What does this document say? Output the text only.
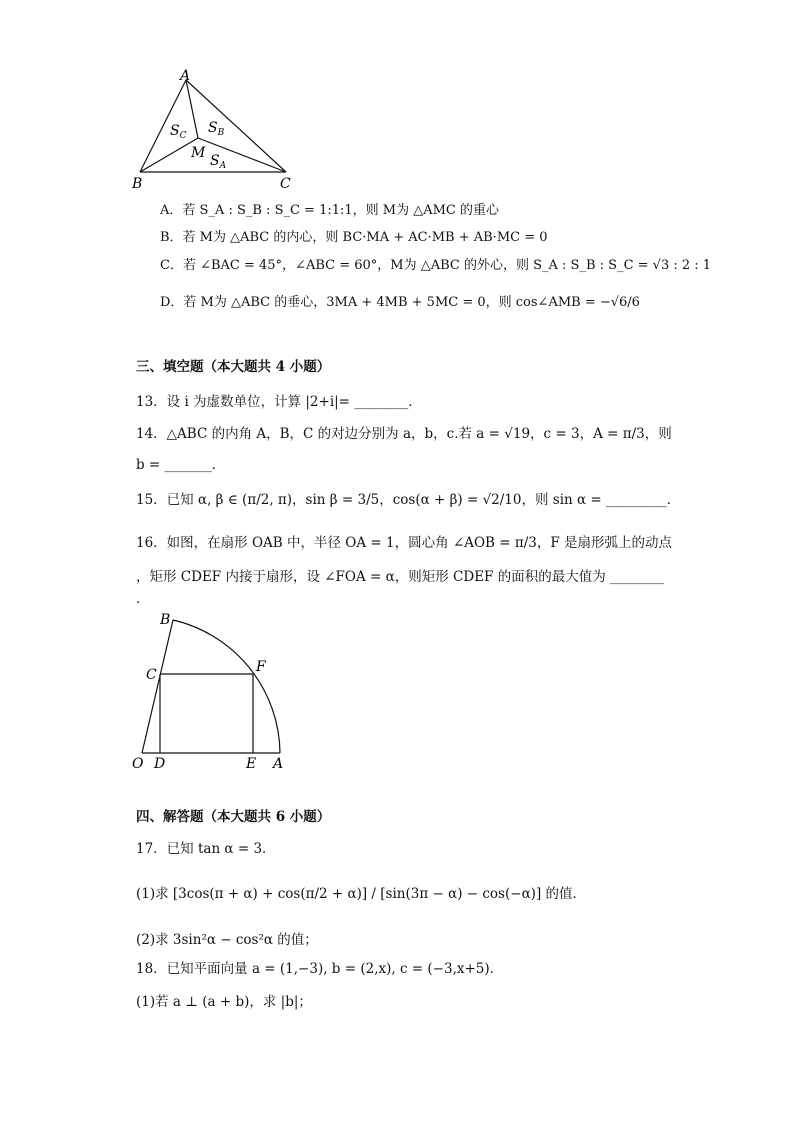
A
B	C
M
$S_C$ $S_B$
$S_A$
A．若 S_A : S_B : S_C = 1:1:1，则 M为 △AMC 的重心
B．若 M为 △ABC 的内心，则 BC·MA + AC·MB + AB·MC = 0
C．若 ∠BAC = 45°，∠ABC = 60°，M为 △ABC 的外心，则 S_A : S_B : S_C = √3 : 2 : 1
D．若 M为 △ABC 的垂心，3MA + 4MB + 5MC = 0，则 cos∠AMB = −√6/6
三、填空题（本大题共 4 小题）
13．设 i 为虚数单位，计算 |2+i|= ________．
14．△ABC 的内角 A，B，C 的对边分别为 a，b，c.若 a = √19，c = 3，A = π/3，则
b = _______．
15．已知 α, β ∈ (π/2, π)，sin β = 3/5，cos(α + β) = √2/10，则 sin α = _________．
16．如图，在扇形 OAB 中，半径 OA = 1，圆心角 ∠AOB = π/3，F 是扇形弧上的动点
，矩形 CDEF 内接于扇形，设 ∠FOA = α，则矩形 CDEF 的面积的最大值为 ________
．
B
C	F
O D	E A
四、解答题（本大题共 6 小题）
17．已知 tan α = 3．
(1)求 [3cos(π + α) + cos(π/2 + α)] / [sin(3π − α) − cos(−α)] 的值．
(2)求 3sin²α − cos²α 的值；
18．已知平面向量 a = (1,−3), b = (2,x), c = (−3,x+5)．
(1)若 a ⊥ (a + b)，求 |b|；
